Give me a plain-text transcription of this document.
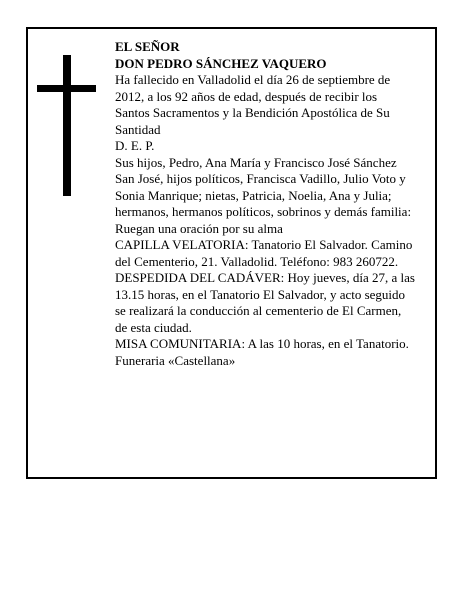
EL SEÑOR

DON PEDRO SÁNCHEZ VAQUERO

Ha fallecido en Valladolid el día 26 de septiembre de 2012, a los 92 años de edad, después de recibir los Santos Sacramentos y la Bendición Apostólica de Su Santidad

D. E. P.

Sus hijos, Pedro, Ana María y Francisco José Sánchez San José, hijos políticos, Francisca Vadillo, Julio Voto y Sonia Manrique; nietas, Patricia, Noelia, Ana y Julia; hermanos, hermanos políticos, sobrinos y demás familia:

Ruegan una oración por su alma

CAPILLA VELATORIA: Tanatorio El Salvador. Camino del Cementerio, 21. Valladolid. Teléfono: 983 260722.

DESPEDIDA DEL CADÁVER: Hoy jueves, día 27, a las 13.15 horas, en el Tanatorio El Salvador, y acto seguido se realizará la conducción al cementerio de El Carmen, de esta ciudad.

MISA COMUNITARIA: A las 10 horas, en el Tanatorio.

Funeraria «Castellana»
